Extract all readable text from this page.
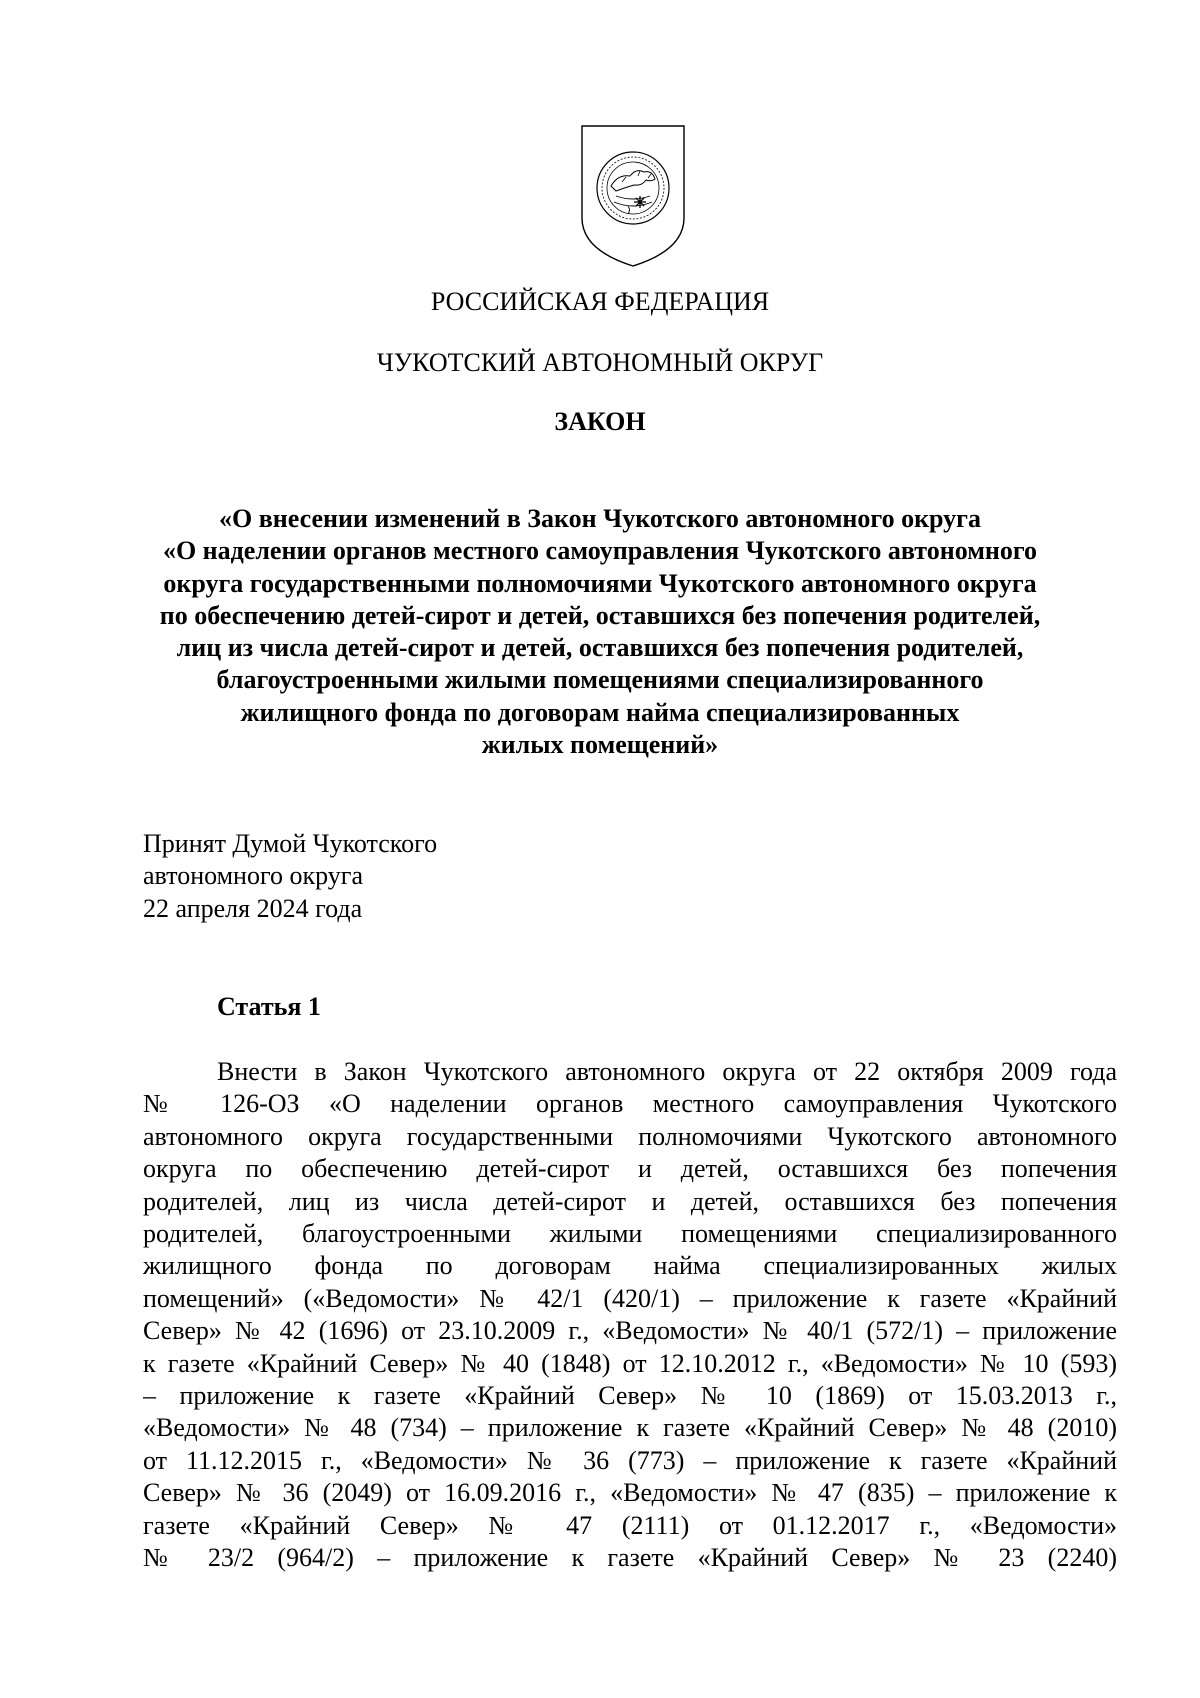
РОССИЙСКАЯ ФЕДЕРАЦИЯ

ЧУКОТСКИЙ АВТОНОМНЫЙ ОКРУГ

ЗАКОН

«О внесении изменений в Закон Чукотского автономного округа
«О наделении органов местного самоуправления Чукотского автономного
округа государственными полномочиями Чукотского автономного округа
по обеспечению детей-сирот и детей, оставшихся без попечения родителей,
лиц из числа детей-сирот и детей, оставшихся без попечения родителей,
благоустроенными жилыми помещениями специализированного
жилищного фонда по договорам найма специализированных
жилых помещений»
Принят Думой Чукотского
автономного округа
22 апреля 2024 года

Статья 1

Внести в Закон Чукотского автономного округа от 22 октября 2009 года
№ 126-ОЗ «О наделении органов местного самоуправления Чукотского
автономного округа государственными полномочиями Чукотского автономного
округа по обеспечению детей-сирот и детей, оставшихся без попечения
родителей, лиц из числа детей-сирот и детей, оставшихся без попечения
родителей, благоустроенными жилыми помещениями специализированного
жилищного фонда по договорам найма специализированных жилых
помещений» («Ведомости» № 42/1 (420/1) – приложение к газете «Крайний
Север» № 42 (1696) от 23.10.2009 г., «Ведомости» № 40/1 (572/1) – приложение
к газете «Крайний Север» № 40 (1848) от 12.10.2012 г., «Ведомости» № 10 (593)
– приложение к газете «Крайний Север» № 10 (1869) от 15.03.2013 г.,
«Ведомости» № 48 (734) – приложение к газете «Крайний Север» № 48 (2010)
от 11.12.2015 г., «Ведомости» № 36 (773) – приложение к газете «Крайний
Север» № 36 (2049) от 16.09.2016 г., «Ведомости» № 47 (835) – приложение к
газете «Крайний Север» № 47 (2111) от 01.12.2017 г., «Ведомости»
№ 23/2 (964/2) – приложение к газете «Крайний Север» № 23 (2240)
